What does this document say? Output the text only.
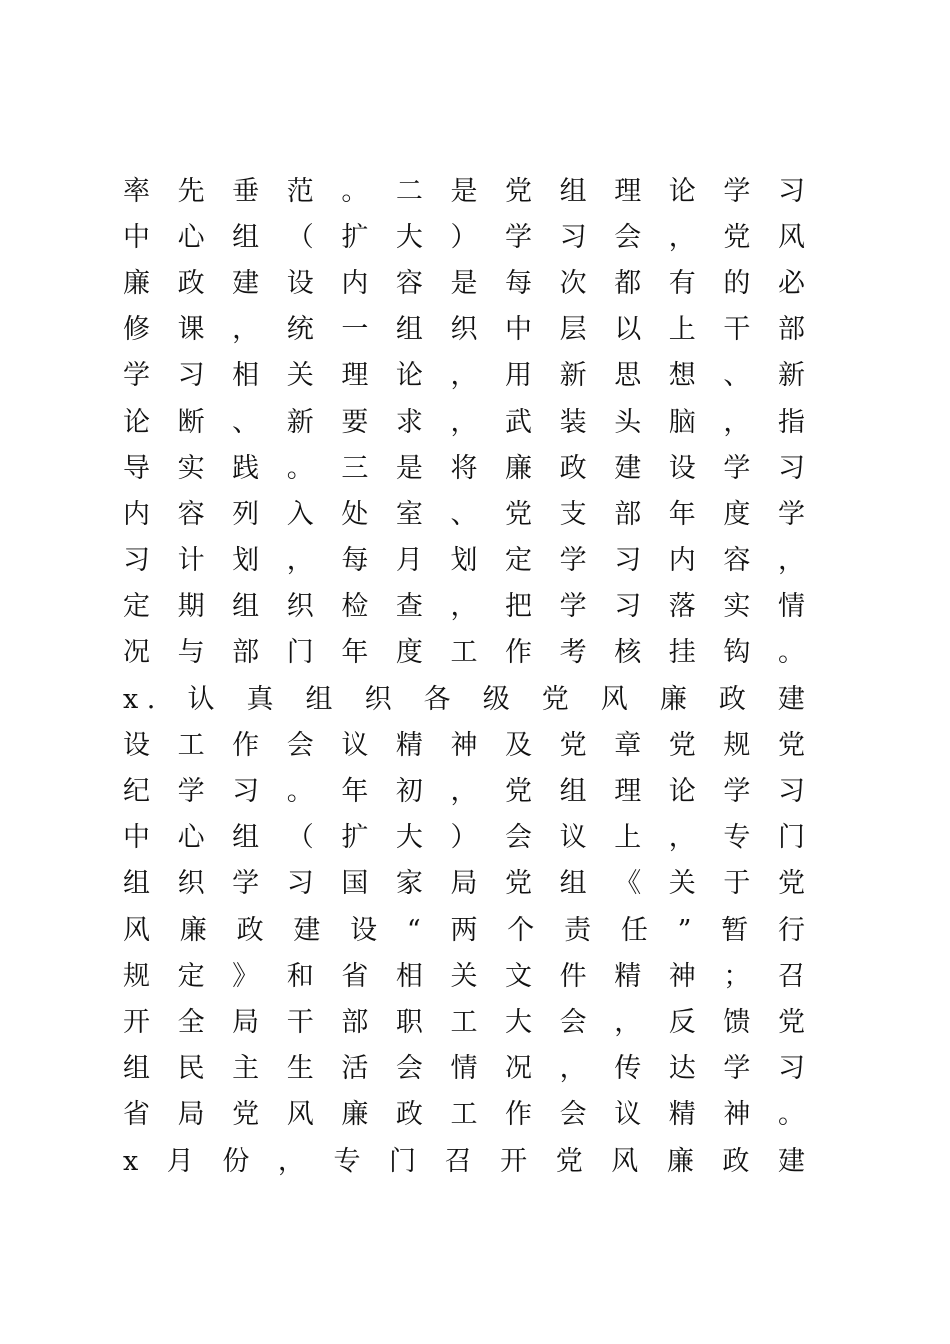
率 先 垂 范 。 二 是 党 组 理 论 学 习
中 心 组 （ 扩 大 ） 学 习 会 ， 党 风
廉 政 建 设 内 容 是 每 次 都 有 的 必
修 课 ， 统 一 组 织 中 层 以 上 干 部
学 习 相 关 理 论 ， 用 新 思 想 、 新
论 断 、 新 要 求 ， 武 装 头 脑 ， 指
导 实 践 。 三 是 将 廉 政 建 设 学 习
内 容 列 入 处 室 、 党 支 部 年 度 学
习 计 划 ， 每 月 划 定 学 习 内 容 ，
定 期 组 织 检 查 ， 把 学 习 落 实 情
况 与 部 门 年 度 工 作 考 核 挂 钩 。
x . 认 真 组 织 各 级 党 风 廉 政 建
设 工 作 会 议 精 神 及 党 章 党 规 党
纪 学 习 。 年 初 ， 党 组 理 论 学 习
中 心 组 （ 扩 大 ） 会 议 上 ， 专 门
组 织 学 习 国 家 局 党 组 《 关 于 党
风 廉 政 建 设 “ 两 个 责 任 ” 暂 行
规 定 》 和 省 相 关 文 件 精 神 ； 召
开 全 局 干 部 职 工 大 会 ， 反 馈 党
组 民 主 生 活 会 情 况 ， 传 达 学 习
省 局 党 风 廉 政 工 作 会 议 精 神 。
x 月 份 ， 专 门 召 开 党 风 廉 政 建
